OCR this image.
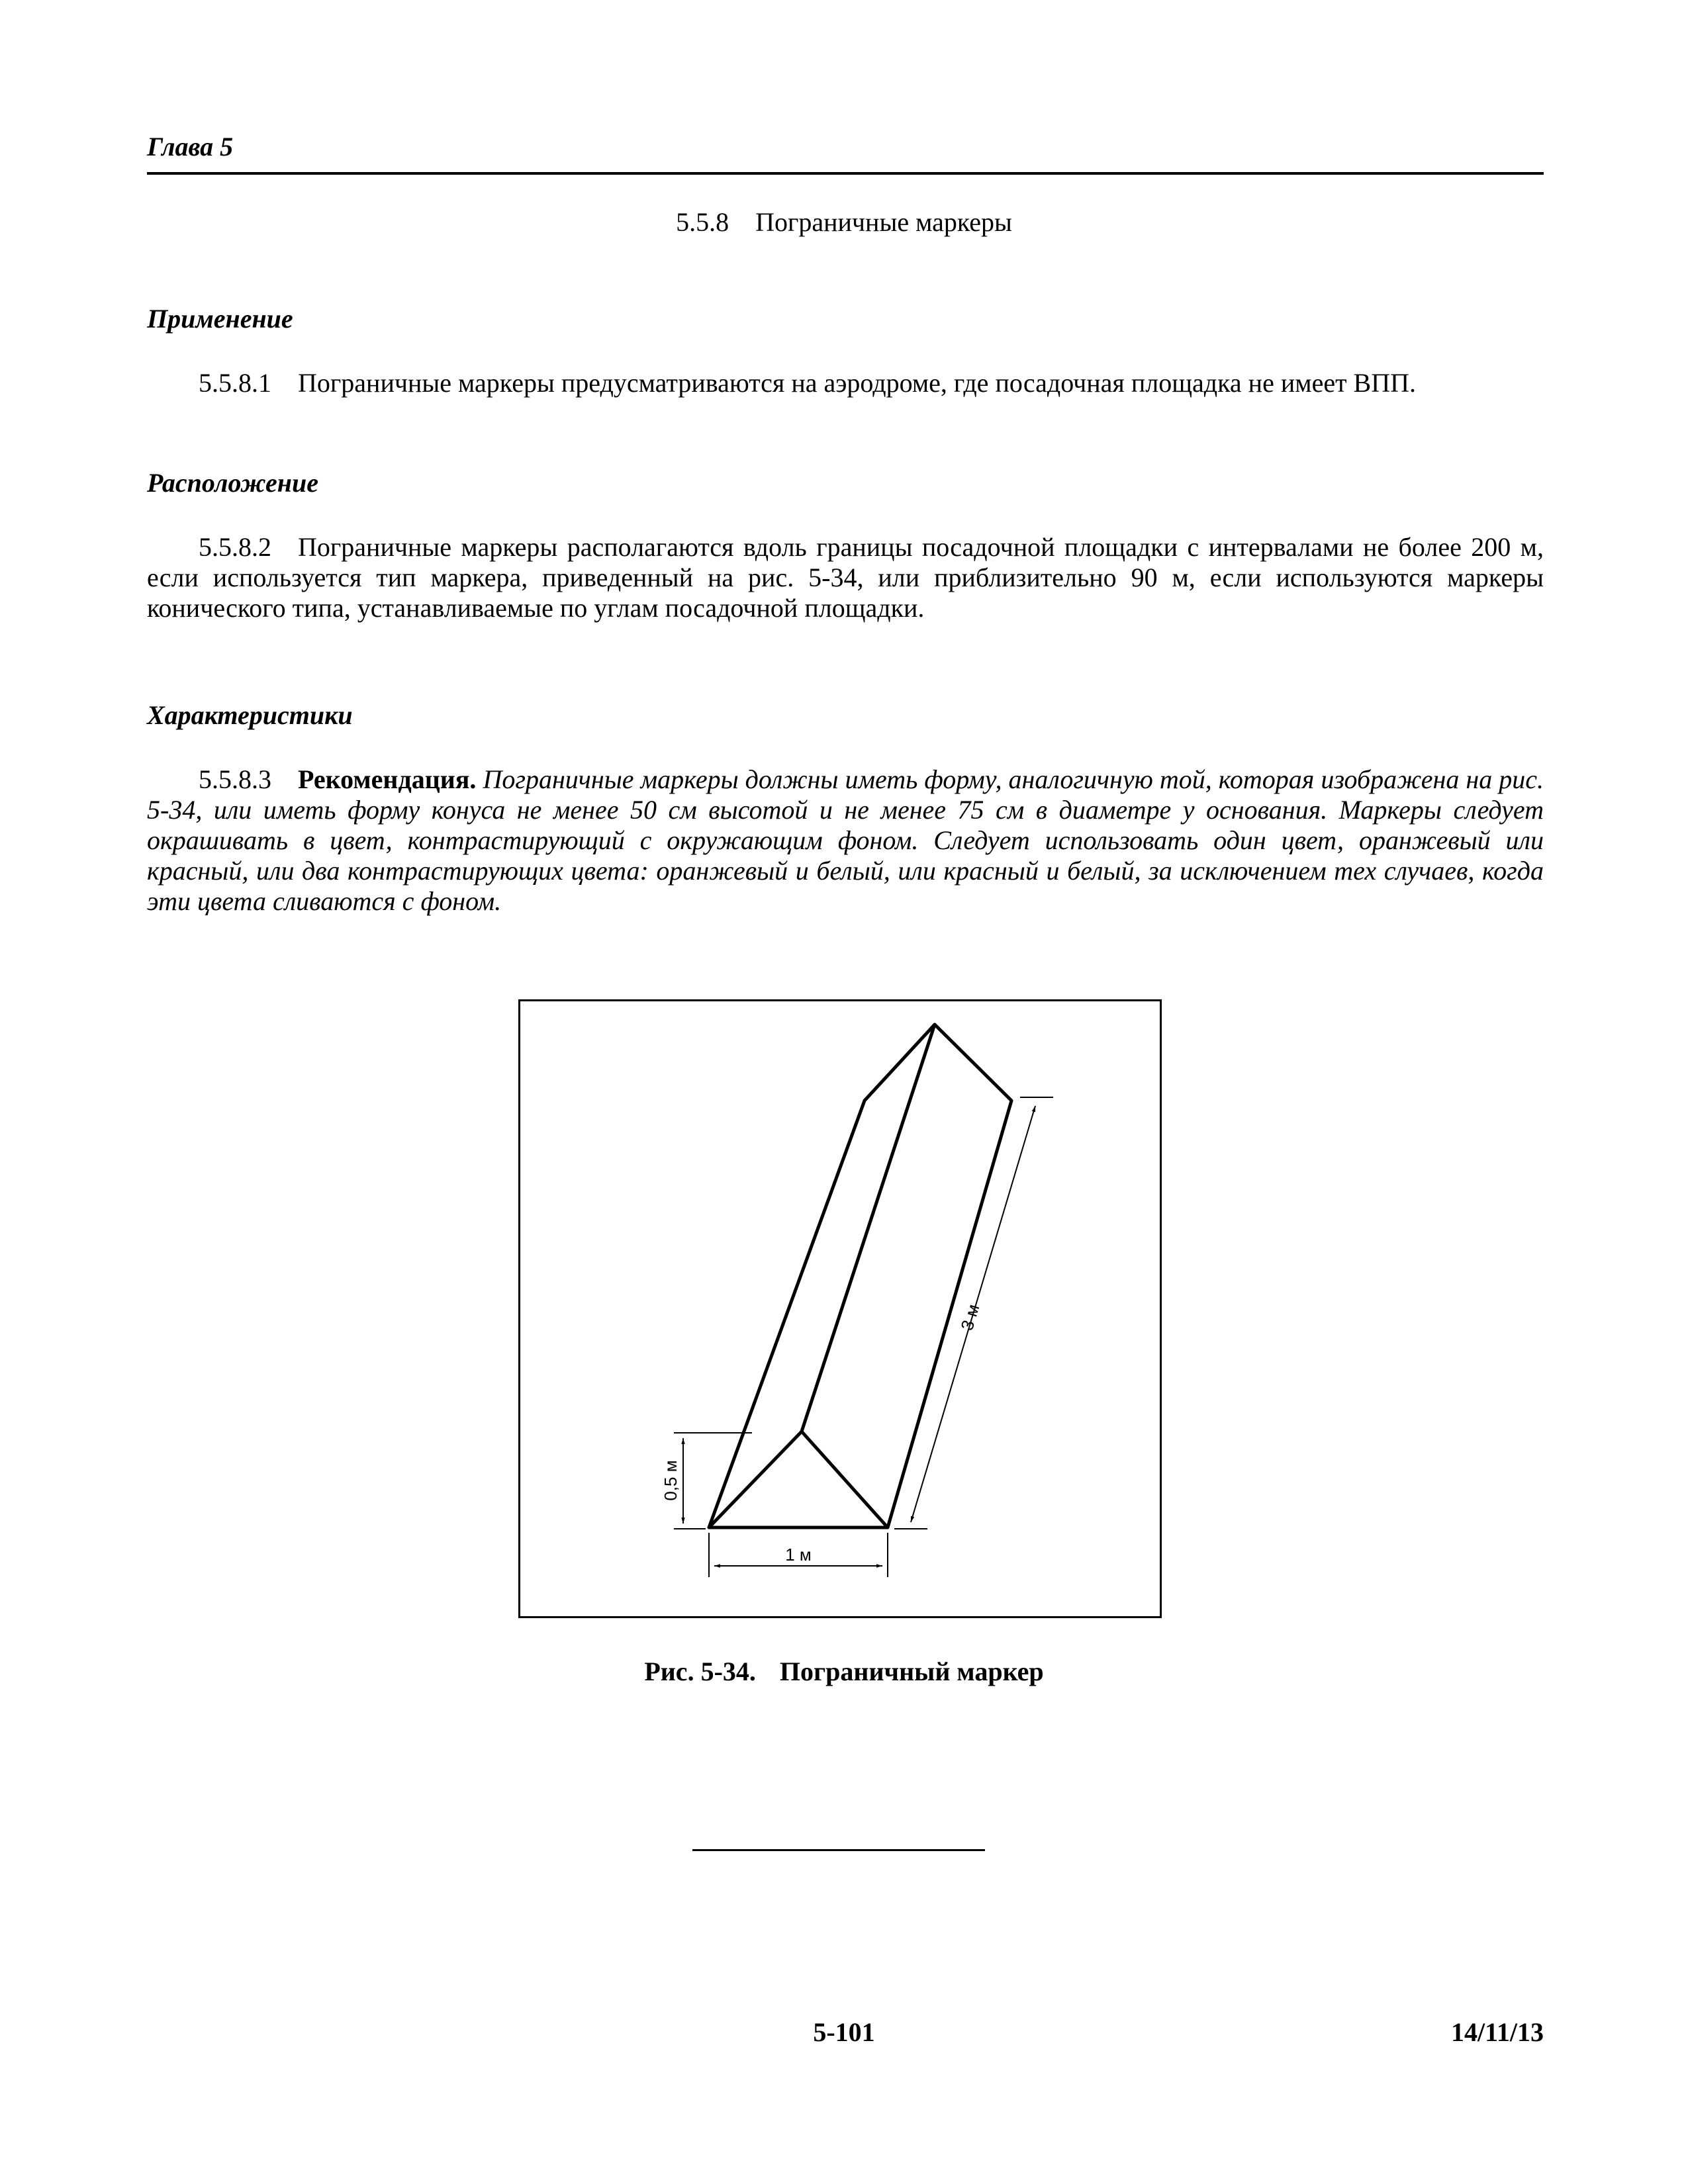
Глава 5
5.5.8 Пограничные маркеры
Применение
5.5.8.1 Пограничные маркеры предусматриваются на аэродроме, где посадочная площадка не имеет ВПП.
Расположение
5.5.8.2 Пограничные маркеры располагаются вдоль границы посадочной площадки с интервалами не более 200 м, если используется тип маркера, приведенный на рис. 5-34, или приблизительно 90 м, если используются маркеры конического типа, устанавливаемые по углам посадочной площадки.
Характеристики
5.5.8.3 Рекомендация. Пограничные маркеры должны иметь форму, аналогичную той, которая изображена на рис. 5-34, или иметь форму конуса не менее 50 см высотой и не менее 75 см в диаметре у основания. Маркеры следует окрашивать в цвет, контрастирующий с окружающим фоном. Следует использовать один цвет, оранжевый или красный, или два контрастирующих цвета: оранжевый и белый, или красный и белый, за исключением тех случаев, когда эти цвета сливаются с фоном.
3 м
0,5 м
1 м
Рис. 5-34. Пограничный маркер
5-101	14/11/13
